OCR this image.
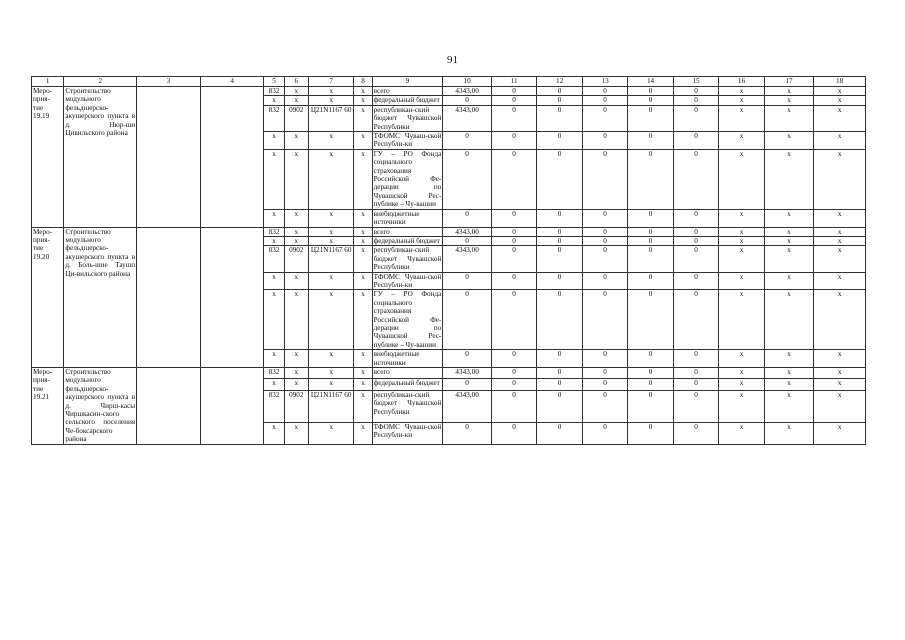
91
1	2	3	4	5	6	7	8	9	10	11	12	13	14	15	16	17	18
Меро-
прия-
тие
19.19	Строительство модульного фельдшерско-акушерского пункта в д. Нюр-ши Цивильского района			832	х	х	х	всего	4343,00	0	0	0	0	0	х	х	х
				х	х	х	х	федеральный бюджет	0	0	0	0	0	0	х	х	х
				832	0902	Ц21N1167 60	х	республикан-ский бюджет Чувашской Республики	4343,00	0	0	0	0	0	х	х	х
				х	х	х	х	ТФОМС Чуваш-ской Республи-ки	0	0	0	0	0	0	х	х	х
				х	х	х	х	ГУ – РО Фонда социального страхования Российской Фе-дерации по Чувашской Рес-публике – Чу-вашии	0	0	0	0	0	0	х	х	х
				х	х	х	х	внебюджетные источники	0	0	0	0	0	0	х	х	х
Меро-
прия-
тие
19.20	Строительство модульного фельдшерско-акушерского пункта в д. Боль-шие Таушп Ци-вильского района			832	х	х	х	всего	4343,00	0	0	0	0	0	х	х	х
				х	х	х	х	федеральный бюджет	0	0	0	0	0	0	х	х	х
				832	0902	Ц21N1167 60	х	республикан-ский бюджет Чувашской Республики	4343,00	0	0	0	0	0	х	х	х
				х	х	х	х	ТФОМС Чуваш-ской Республи-ки	0	0	0	0	0	0	х	х	х
				х	х	х	х	ГУ – РО Фонда социального страхования Российской Фе-дерации по Чувашской Рес-публике – Чу-вашии	0	0	0	0	0	0	х	х	х
				х	х	х	х	внебюджетные источники	0	0	0	0	0	0	х	х	х
Меро-
прия-
тие
19.21	Строительство модульного фельдшерско-акушерского пункта в д. Чирш-касы Чиршкасин-ского сельского поселения Че-боксарского района			832	х	х	х	всего	4343,00	0	0	0	0	0	х	х	х
				х	х	х	х	федеральный бюджет	0	0	0	0	0	0	х	х	х
				832	0902	Ц21N1167 60	х	республикан-ский бюджет Чувашской Республики	4343,00	0	0	0	0	0	х	х	х
				х	х	х	х	ТФОМС Чуваш-ской Республи-ки	0	0	0	0	0	0	х	х	х
